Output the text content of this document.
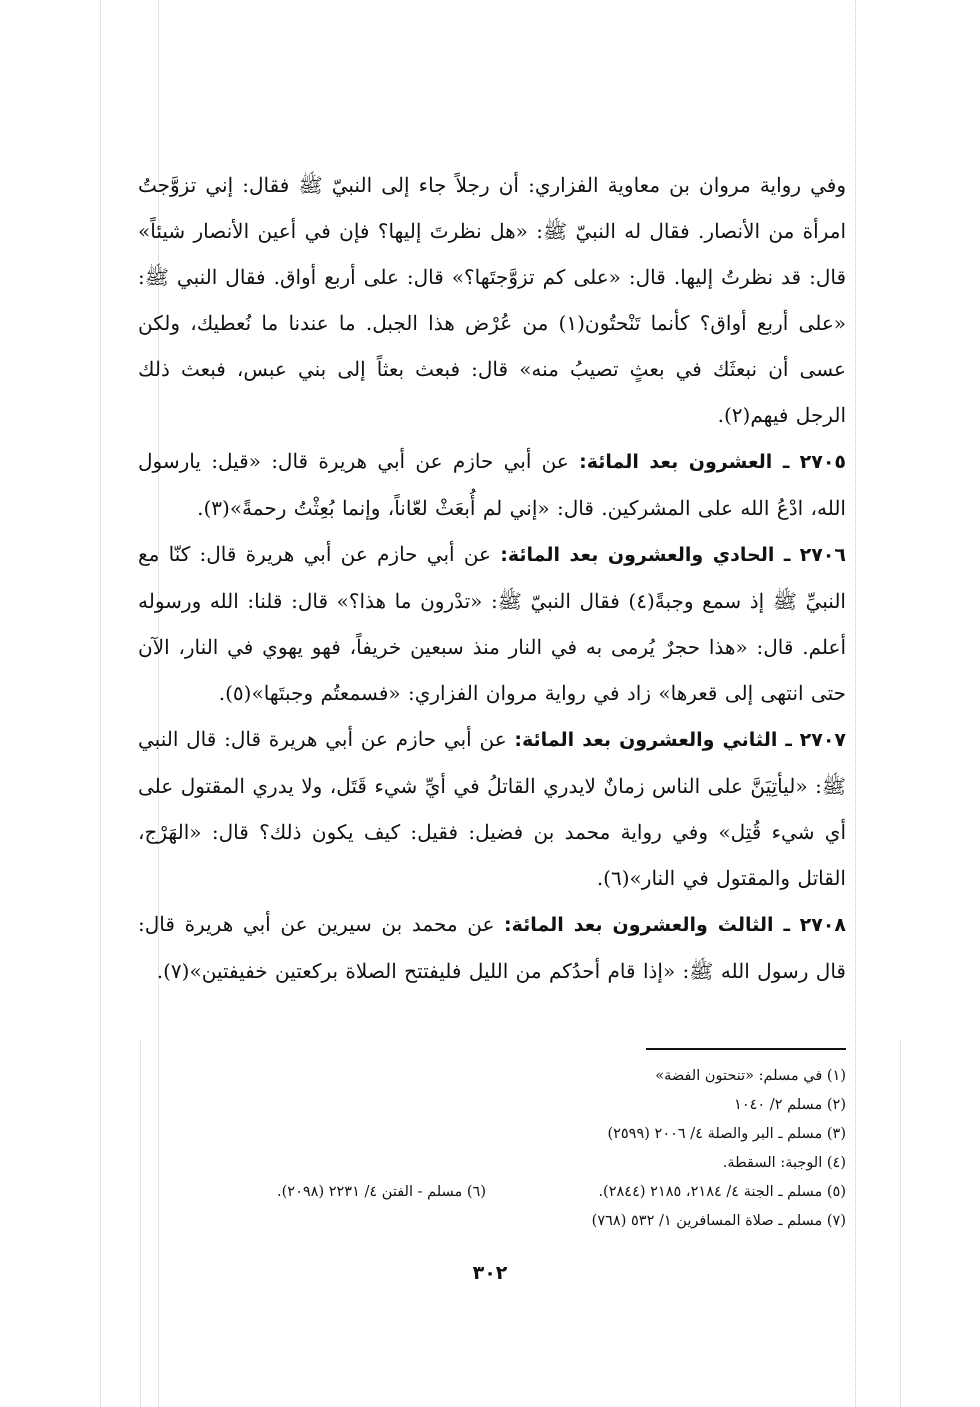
وفي رواية مروان بن معاوية الفزاري: أن رجلاً جاء إلى النبيّ ﷺ فقال: إني تزوَّجتُ امرأة من الأنصار. فقال له النبيّ ﷺ: «هل نظرتَ إليها؟ فإن في أعين الأنصار شيئاً» قال: قد نظرتُ إليها. قال: «على كم تزوَّجتَها؟» قال: على أربع أواق. فقال النبي ﷺ: «على أربع أواق؟ كأنما تَنْحتُون(١) من عُرْض هذا الجبل. ما عندنا ما نُعطيك، ولكن عسى أن نبعثَك في بعثٍ تصيبُ منه» قال: فبعث بعثاً إلى بني عبس، فبعث ذلك الرجل فيهم(٢).

٢٧٠٥ ـ العشرون بعد المائة: عن أبي حازم عن أبي هريرة قال: «قيل: يارسول الله، ادْعُ الله على المشركين. قال: «إني لم أُبعَثْ لعّاناً، وإنما بُعِثْتُ رحمةً»(٣).

٢٧٠٦ ـ الحادي والعشرون بعد المائة: عن أبي حازم عن أبي هريرة قال: كنّا مع النبيِّ ﷺ إذ سمع وجبةً(٤) فقال النبيّ ﷺ: «تدْرون ما هذا؟» قال: قلنا: الله ورسوله أعلم. قال: «هذا حجرٌ يُرمى به في النار منذ سبعين خريفاً، فهو يهوي في النار، الآن حتى انتهى إلى قعرها» زاد في رواية مروان الفزاري: «فسمعتُم وجبتَها»(٥).

٢٧٠٧ ـ الثاني والعشرون بعد المائة: عن أبي حازم عن أبي هريرة قال: قال النبي ﷺ: «ليأتِيَنَّ على الناس زمانٌ لايدري القاتلُ في أيِّ شيء قَتَل، ولا يدري المقتول على أي شيء قُتِل» وفي رواية محمد بن فضيل: فقيل: كيف يكون ذلك؟ قال: «الهَرْج، القاتل والمقتول في النار»(٦).

٢٧٠٨ ـ الثالث والعشرون بعد المائة: عن محمد بن سيرين عن أبي هريرة قال: قال رسول الله ﷺ: «إذا قام أحدُكم من الليل فليفتتح الصلاة بركعتين خفيفتين»(٧).

(١) في مسلم: «تنحتون الفضة»
(٢) مسلم ٢/ ١٠٤٠
(٣) مسلم ـ البر والصلة ٤/ ٢٠٠٦ (٢٥٩٩)
(٤) الوجبة: السقطة.
(٥) مسلم ـ الجنة ٤/ ٢١٨٤، ٢١٨٥ (٢٨٤٤).
(٦) مسلم - الفتن ٤/ ٢٢٣١ (٢٠٩٨).
(٧) مسلم ـ صلاة المسافرين ١/ ٥٣٢ (٧٦٨)
٣٠٢
